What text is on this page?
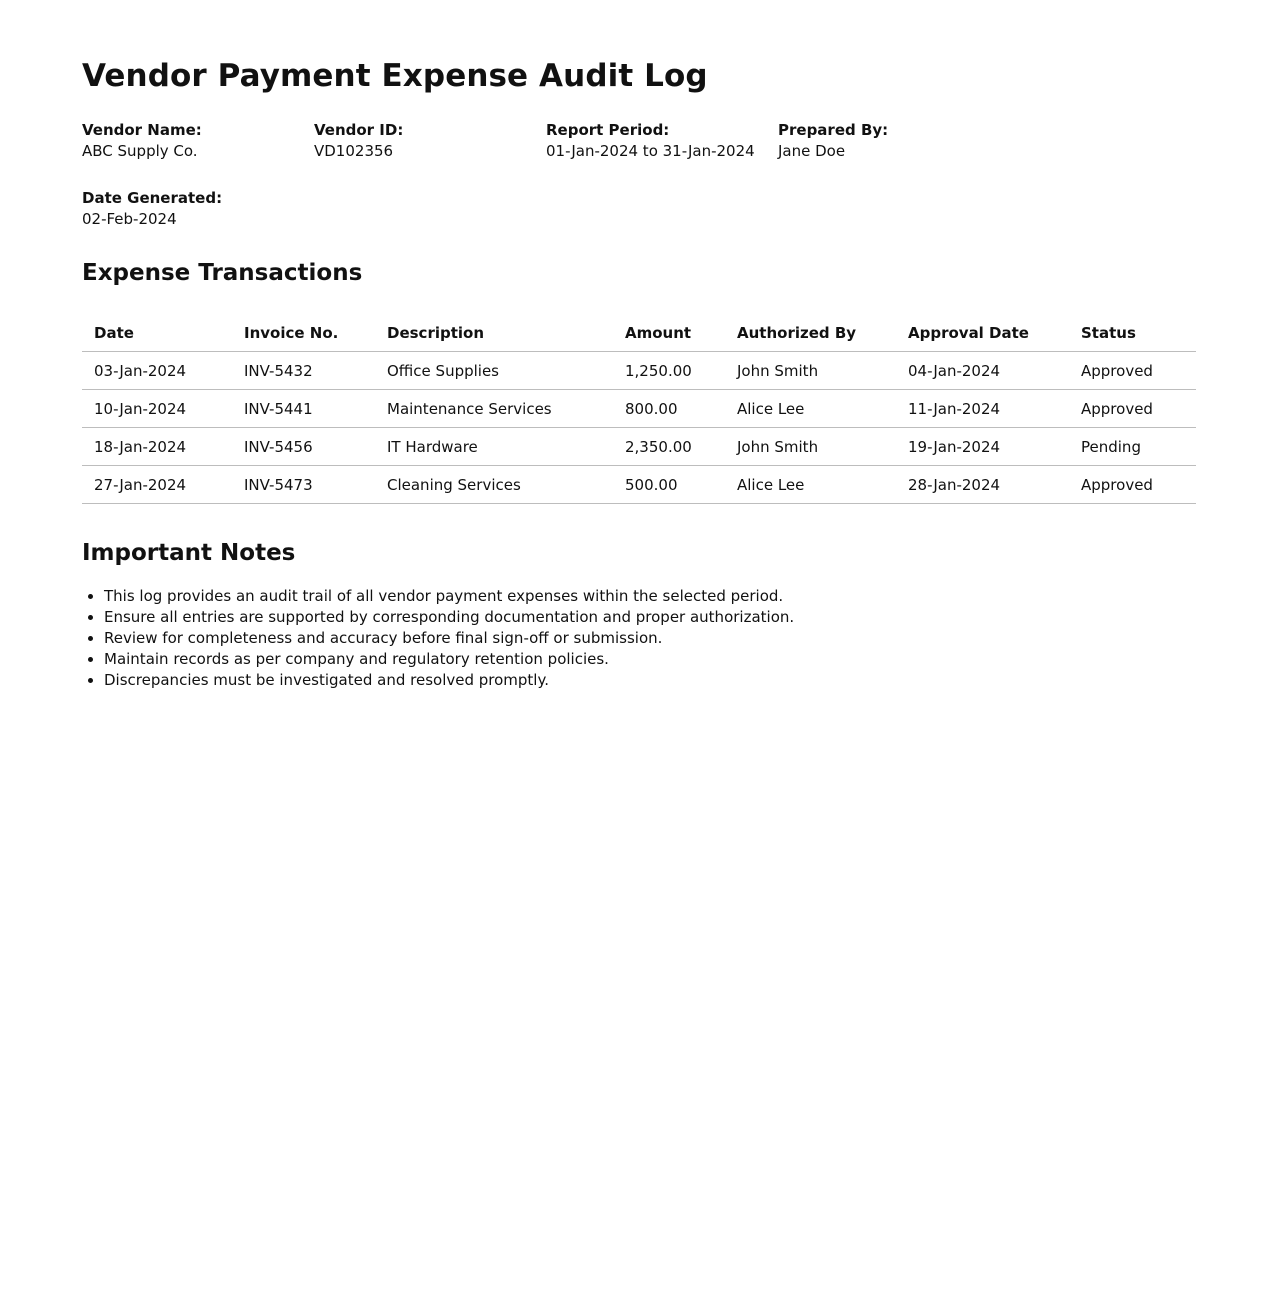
Vendor Payment Expense Audit Log
Vendor Name:
ABC Supply Co.
Vendor ID:
VD102356
Report Period:
01-Jan-2024 to 31-Jan-2024
Prepared By:
Jane Doe
Date Generated:
02-Feb-2024
Expense Transactions
Date	Invoice No.	Description	Amount	Authorized By	Approval Date	Status
03-Jan-2024	INV-5432	Office Supplies	1,250.00	John Smith	04-Jan-2024	Approved
10-Jan-2024	INV-5441	Maintenance Services	800.00	Alice Lee	11-Jan-2024	Approved
18-Jan-2024	INV-5456	IT Hardware	2,350.00	John Smith	19-Jan-2024	Pending
27-Jan-2024	INV-5473	Cleaning Services	500.00	Alice Lee	28-Jan-2024	Approved
Important Notes
• This log provides an audit trail of all vendor payment expenses within the selected period.
• Ensure all entries are supported by corresponding documentation and proper authorization.
• Review for completeness and accuracy before final sign-off or submission.
• Maintain records as per company and regulatory retention policies.
• Discrepancies must be investigated and resolved promptly.
